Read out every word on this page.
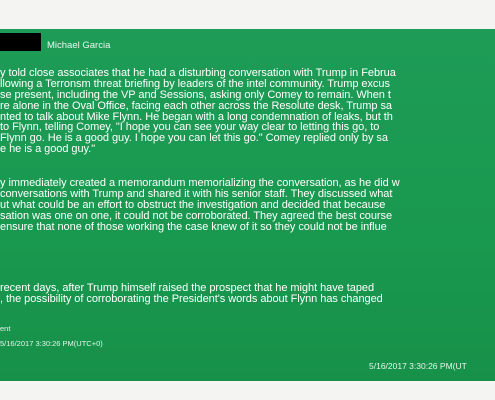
Michael Garcia
y told close associates that he had a disturbing conversation with Trump in Februa
llowing a Terronsm threat briefing by leaders of the intel community. Trump excus
se present, including the VP and Sessions, asking only Comey to remain. When t
re alone in the Oval Office, facing each other across the Resolute desk, Trump sa
nted to talk about Mike Flynn. He began with a long condemnation of leaks, but th
to Flynn, telling Comey, "I hope you can see your way clear to letting this go, to
Flynn go. He is a good guy. I hope you can let this go." Comey replied only by sa
e he is a good guy."
y immediately created a memorandum memorializing the conversation, as he did w
conversations with Trump and shared it with his senior staff. They discussed what
ut what could be an effort to obstruct the investigation and decided that because
sation was one on one, it could not be corroborated. They agreed the best course
ensure that none of those working the case knew of it so they could not be influe
recent days, after Trump himself raised the prospect that he might have taped
, the possibility of corroborating the President's words about Flynn has changed
ent
5/16/2017 3:30:26 PM(UTC+0)
5/16/2017 3:30:26 PM(UT
